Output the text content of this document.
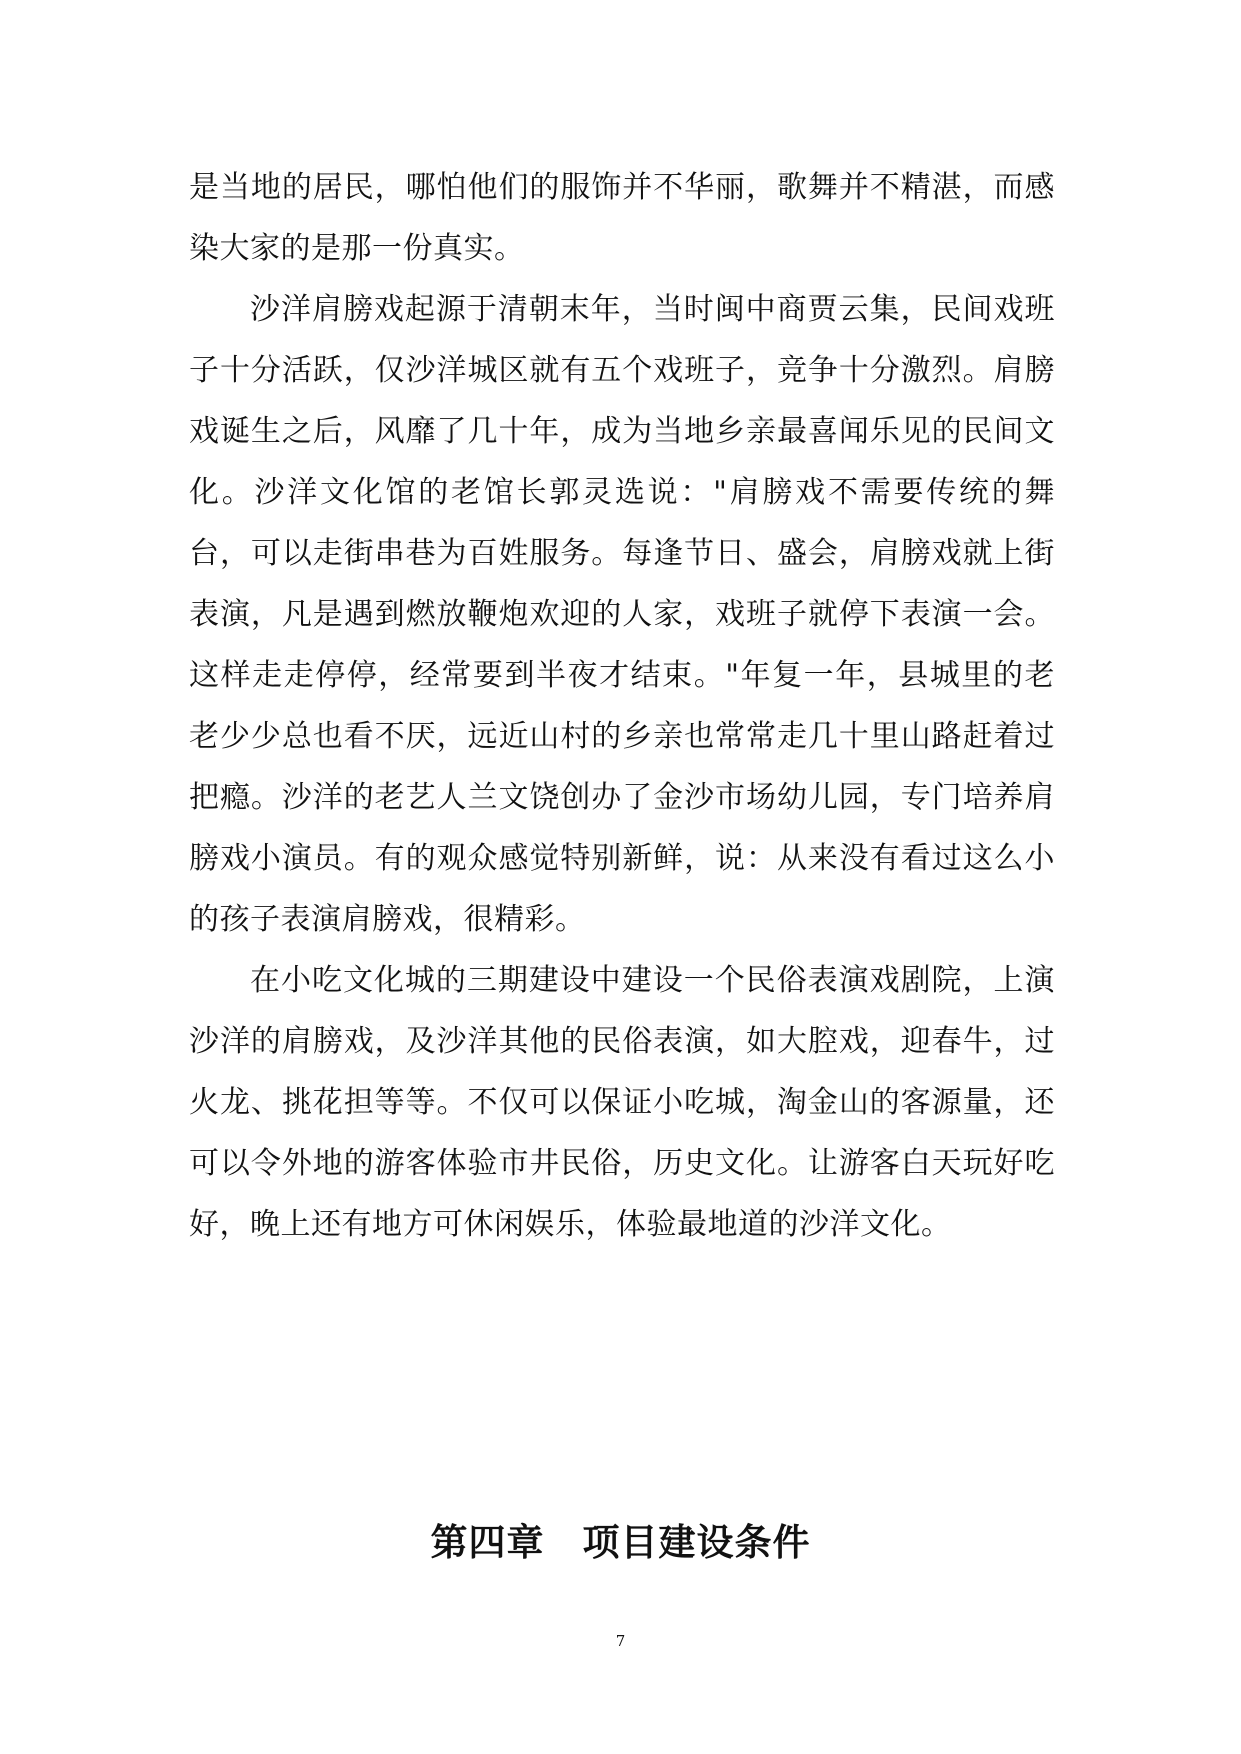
是当地的居民，哪怕他们的服饰并不华丽，歌舞并不精湛，而感染大家的是那一份真实。

沙洋肩膀戏起源于清朝末年，当时闽中商贾云集，民间戏班子十分活跃，仅沙洋城区就有五个戏班子，竞争十分激烈。肩膀戏诞生之后，风靡了几十年，成为当地乡亲最喜闻乐见的民间文化。沙洋文化馆的老馆长郭灵选说："肩膀戏不需要传统的舞台，可以走街串巷为百姓服务。每逢节日、盛会，肩膀戏就上街表演，凡是遇到燃放鞭炮欢迎的人家，戏班子就停下表演一会。这样走走停停，经常要到半夜才结束。"年复一年，县城里的老老少少总也看不厌，远近山村的乡亲也常常走几十里山路赶着过把瘾。沙洋的老艺人兰文饶创办了金沙市场幼儿园，专门培养肩膀戏小演员。有的观众感觉特别新鲜，说：从来没有看过这么小的孩子表演肩膀戏，很精彩。

在小吃文化城的三期建设中建设一个民俗表演戏剧院，上演沙洋的肩膀戏，及沙洋其他的民俗表演，如大腔戏，迎春牛，过火龙、挑花担等等。不仅可以保证小吃城，淘金山的客源量，还可以令外地的游客体验市井民俗，历史文化。让游客白天玩好吃好，晚上还有地方可休闲娱乐，体验最地道的沙洋文化。

第四章　项目建设条件
7
